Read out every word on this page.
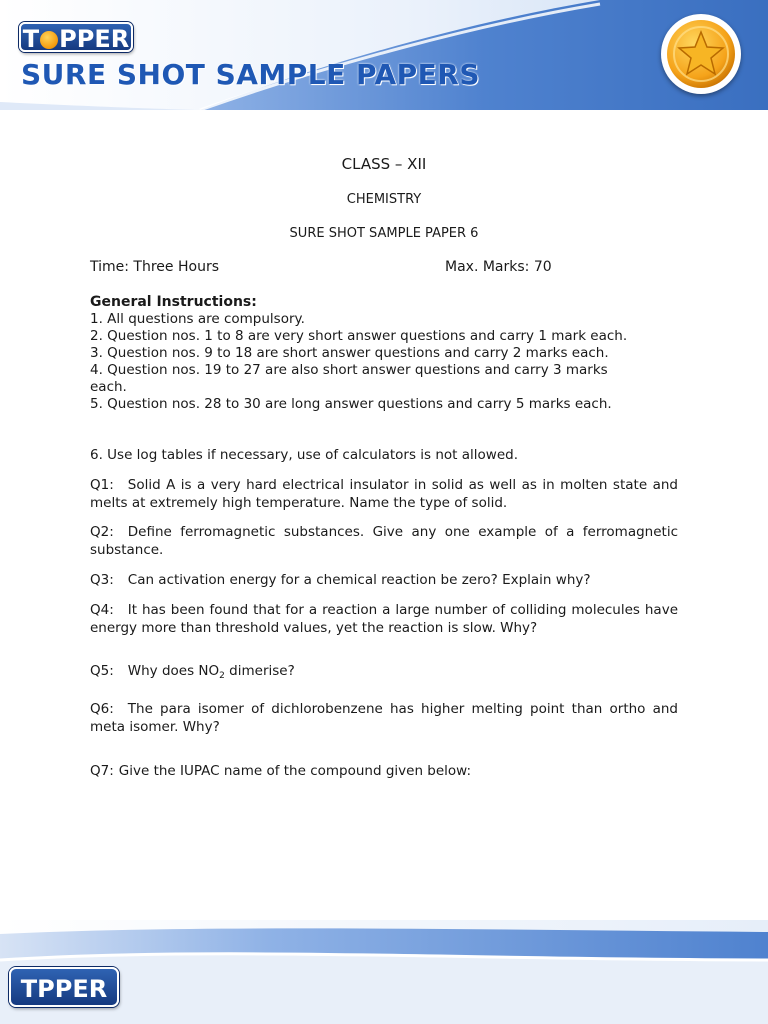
T PPER
SURE SHOT SAMPLE PAPERS
CLASS – XII
CHEMISTRY
SURE SHOT SAMPLE PAPER 6
Time: Three Hours	Max. Marks: 70
General Instructions:
1. All questions are compulsory.
2. Question nos. 1 to 8 are very short answer questions and carry 1 mark each.
3. Question nos. 9 to 18 are short answer questions and carry 2 marks each.
4. Question nos. 19 to 27 are also short answer questions and carry 3 marks each.
5. Question nos. 28 to 30 are long answer questions and carry 5 marks each.
6. Use log tables if necessary, use of calculators is not allowed.
Q1: Solid A is a very hard electrical insulator in solid as well as in molten state and melts at extremely high temperature. Name the type of solid.
Q2: Define ferromagnetic substances. Give any one example of a ferromagnetic substance.
Q3: Can activation energy for a chemical reaction be zero? Explain why?
Q4: It has been found that for a reaction a large number of colliding molecules have energy more than threshold values, yet the reaction is slow. Why?
Q5: Why does $NO_2$ dimerise?
Q6: The para isomer of dichlorobenzene has higher melting point than ortho and meta isomer. Why?
Q7: Give the IUPAC name of the compound given below:
TPPER
